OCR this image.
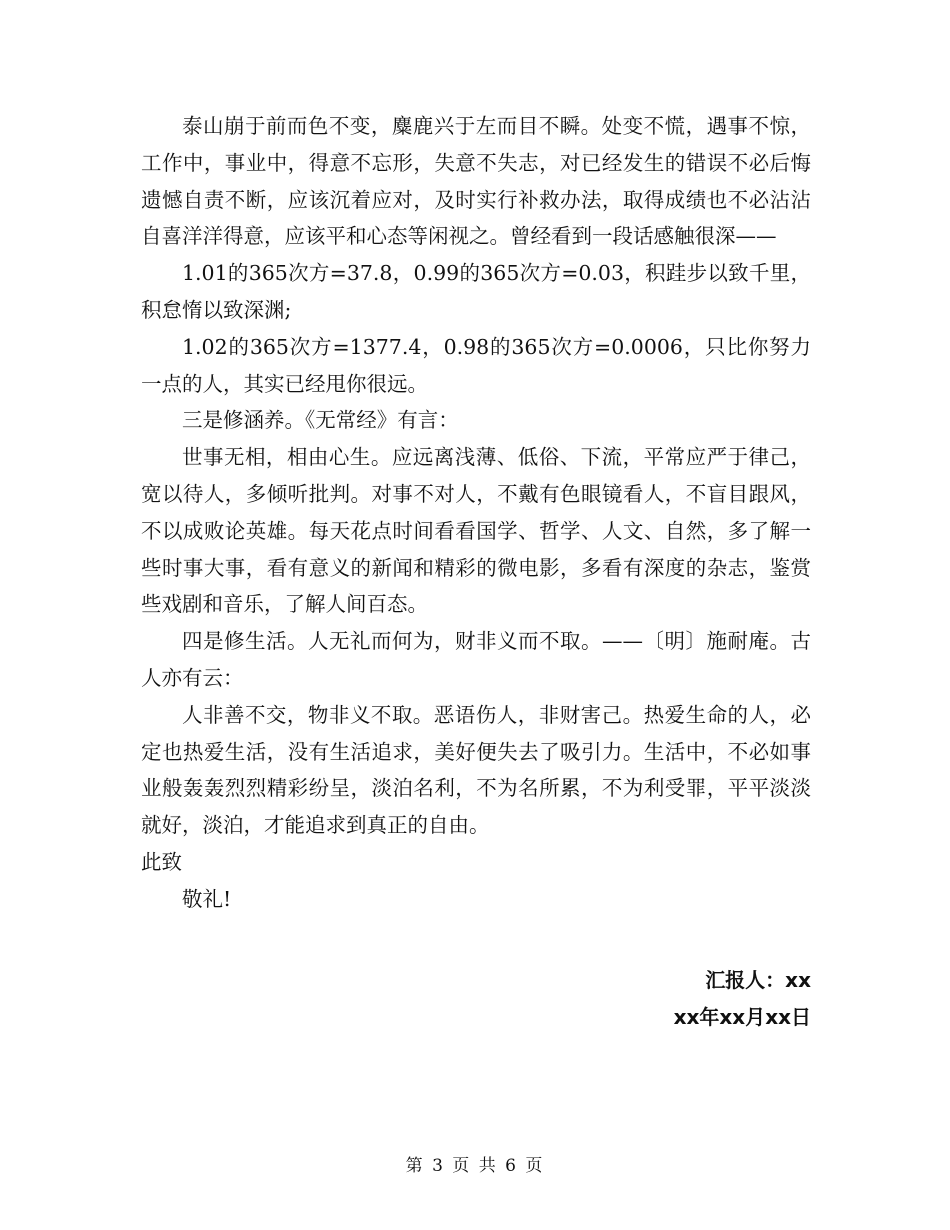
泰山崩于前而色不变，麋鹿兴于左而目不瞬。处变不慌，遇事不惊，工作中，事业中，得意不忘形，失意不失志，对已经发生的错误不必后悔遗憾自责不断，应该沉着应对，及时实行补救办法，取得成绩也不必沾沾自喜洋洋得意，应该平和心态等闲视之。曾经看到一段话感触很深——

1.01的365次方=37.8，0.99的365次方=0.03，积跬步以致千里，积怠惰以致深渊;

1.02的365次方=1377.4，0.98的365次方=0.0006，只比你努力一点的人，其实已经甩你很远。

三是修涵养。《无常经》有言：

世事无相，相由心生。应远离浅薄、低俗、下流，平常应严于律己，宽以待人，多倾听批判。对事不对人，不戴有色眼镜看人，不盲目跟风，不以成败论英雄。每天花点时间看看国学、哲学、人文、自然，多了解一些时事大事，看有意义的新闻和精彩的微电影，多看有深度的杂志，鉴赏些戏剧和音乐，了解人间百态。

四是修生活。人无礼而何为，财非义而不取。——〔明〕施耐庵。古人亦有云：

人非善不交，物非义不取。恶语伤人，非财害己。热爱生命的人，必定也热爱生活，没有生活追求，美好便失去了吸引力。生活中，不必如事业般轰轰烈烈精彩纷呈，淡泊名利，不为名所累，不为利受罪，平平淡淡就好，淡泊，才能追求到真正的自由。

此致

敬礼!

汇报人：xx
xx年xx月xx日
第 3 页 共 6 页
